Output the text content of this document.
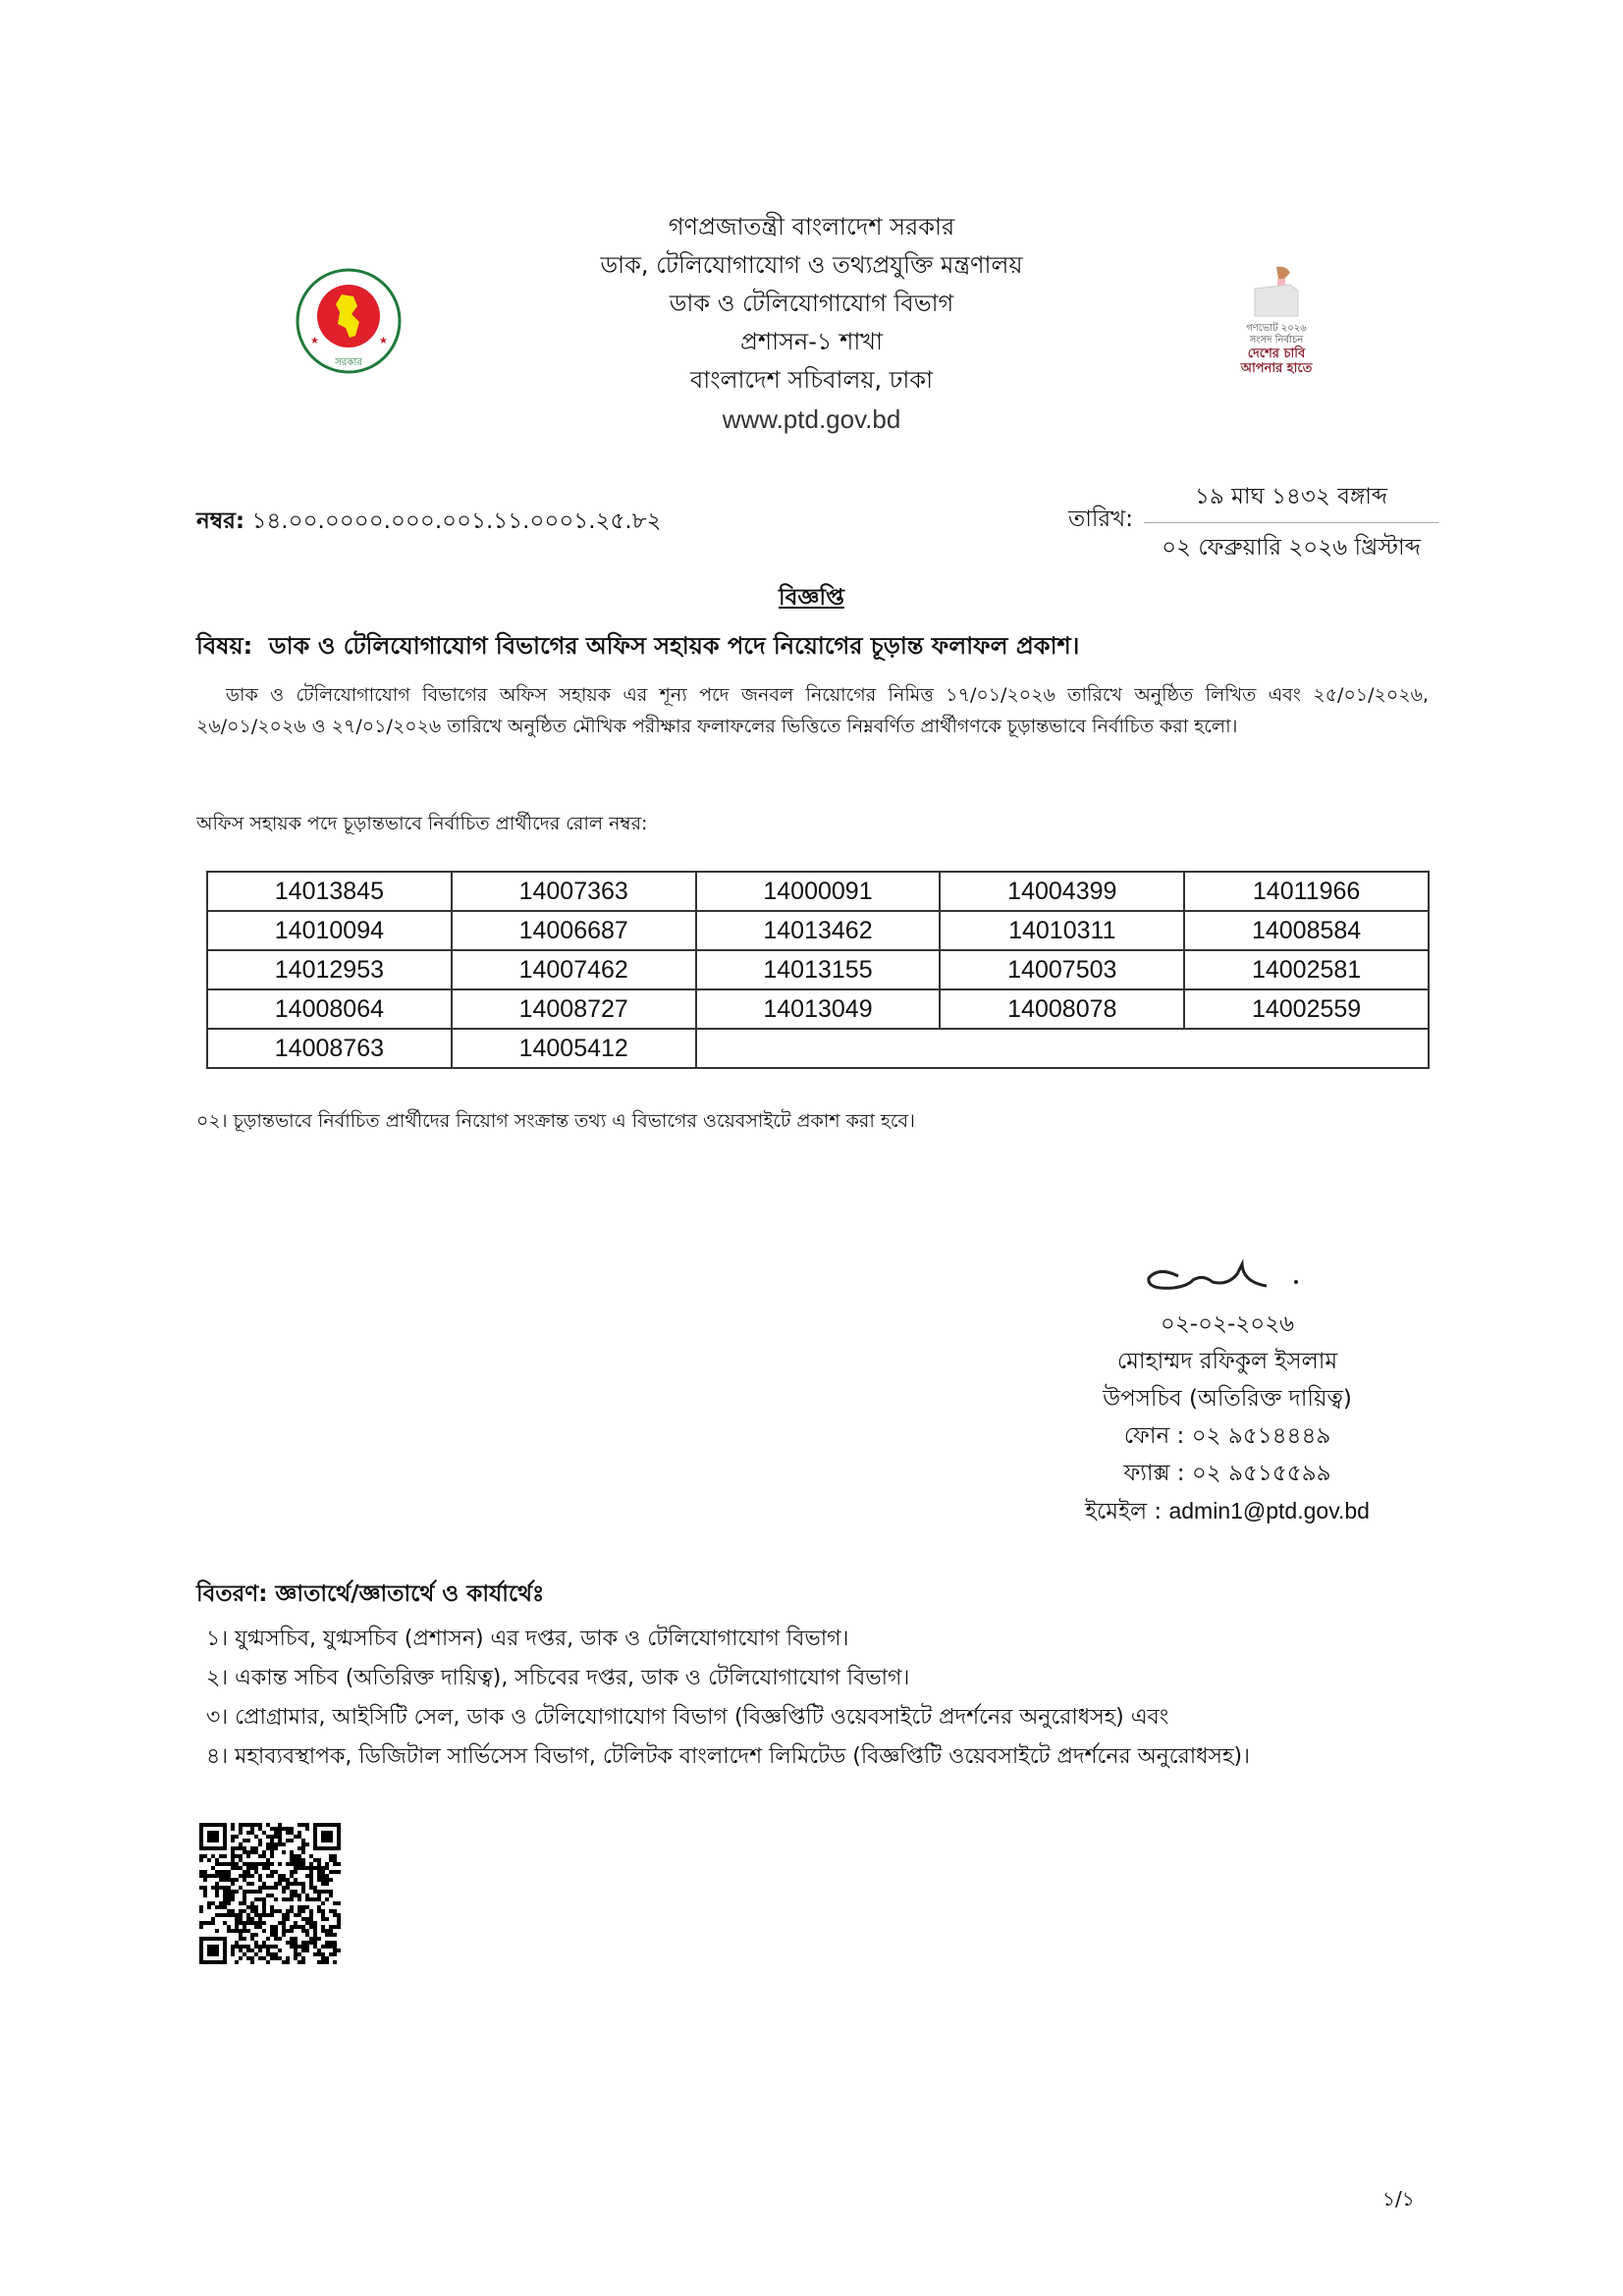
★	★
সরকার
গণপ্রজাতন্ত্রী বাংলাদেশ সরকার
ডাক, টেলিযোগাযোগ ও তথ্যপ্রযুক্তি মন্ত্রণালয়
ডাক ও টেলিযোগাযোগ বিভাগ
প্রশাসন-১ শাখা
বাংলাদেশ সচিবালয়, ঢাকা
www.ptd.gov.bd
গণভোট ২০২৬
সংসদ নির্বাচন
দেশের চাবি
আপনার হাতে
নম্বর: ১৪.০০.০০০০.০০০.০০১.১১.০০০১.২৫.৮২	তারিখ:
১৯ মাঘ ১৪৩২ বঙ্গাব্দ
০২ ফেব্রুয়ারি ২০২৬ খ্রিস্টাব্দ
বিজ্ঞপ্তি
বিষয়: ডাক ও টেলিযোগাযোগ বিভাগের অফিস সহায়ক পদে নিয়োগের চূড়ান্ত ফলাফল প্রকাশ।
ডাক ও টেলিযোগাযোগ বিভাগের অফিস সহায়ক এর শূন্য পদে জনবল নিয়োগের নিমিত্ত ১৭/০১/২০২৬ তারিখে অনুষ্ঠিত লিখিত এবং ২৫/০১/২০২৬, ২৬/০১/২০২৬ ও ২৭/০১/২০২৬ তারিখে অনুষ্ঠিত মৌখিক পরীক্ষার ফলাফলের ভিত্তিতে নিম্নবর্ণিত প্রার্থীগণকে চূড়ান্তভাবে নির্বাচিত করা হলো।
অফিস সহায়ক পদে চূড়ান্তভাবে নির্বাচিত প্রার্থীদের রোল নম্বর:
14013845	14007363	14000091	14004399	14011966
14010094	14006687	14013462	14010311	14008584
14012953	14007462	14013155	14007503	14002581
14008064	14008727	14013049	14008078	14002559
14008763	14005412			
০২। চূড়ান্তভাবে নির্বাচিত প্রার্থীদের নিয়োগ সংক্রান্ত তথ্য এ বিভাগের ওয়েবসাইটে প্রকাশ করা হবে।
০২-০২-২০২৬
মোহাম্মদ রফিকুল ইসলাম
উপসচিব (অতিরিক্ত দায়িত্ব)
ফোন : ০২ ৯৫১৪৪৪৯
ফ্যাক্স : ০২ ৯৫১৫৫৯৯
ইমেইল : admin1@ptd.gov.bd
বিতরণ: জ্ঞাতার্থে/জ্ঞাতার্থে ও কার্যার্থেঃ
১। যুগ্মসচিব, যুগ্মসচিব (প্রশাসন) এর দপ্তর, ডাক ও টেলিযোগাযোগ বিভাগ।
২। একান্ত সচিব (অতিরিক্ত দায়িত্ব), সচিবের দপ্তর, ডাক ও টেলিযোগাযোগ বিভাগ।
৩। প্রোগ্রামার, আইসিটি সেল, ডাক ও টেলিযোগাযোগ বিভাগ (বিজ্ঞপ্তিটি ওয়েবসাইটে প্রদর্শনের অনুরোধসহ) এবং
৪। মহাব্যবস্থাপক, ডিজিটাল সার্ভিসেস বিভাগ, টেলিটক বাংলাদেশ লিমিটেড (বিজ্ঞপ্তিটি ওয়েবসাইটে প্রদর্শনের অনুরোধসহ)।
১/১
